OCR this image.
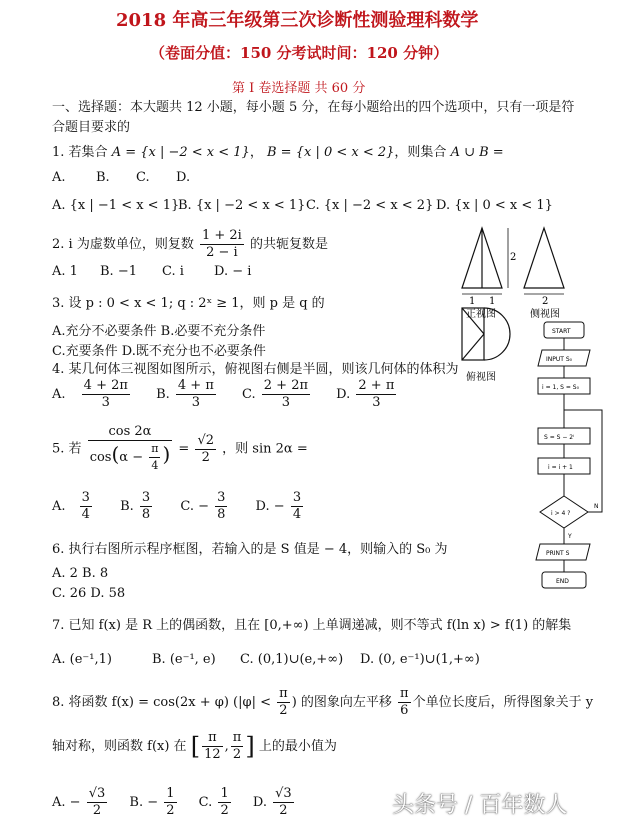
2018 年高三年级第三次诊断性测验理科数学
（卷面分值：150 分考试时间：120 分钟）
第 I 卷选择题 共 60 分
一、选择题：本大题共 12 小题，每小题 5 分，在每小题给出的四个选项中，只有一项是符
合题目要求的
1. 若集合 A = {x | −2 < x < 1}， B = {x | 0 < x < 2}，则集合 A ∪ B =
A. B. C. D.
A. {x | −1 < x < 1}
B. {x | −2 < x < 1} C. {x | −2 < x < 2} D. {x | 0 < x < 1}
2. i 为虚数单位，则复数 $\frac{1 + 2i}{2 - i}$ 的共轭复数是
A. 1 B. −1 C. i D. − i
3. 设 p : 0 < x < 1; q : 2ˣ ≥ 1，则 p 是 q 的
A.充分不必要条件 B.必要不充分条件
C.充要条件 D.既不充分也不必要条件
4. 某几何体三视图如图所示，俯视图右侧是半圆，则该几何体的体积为
A. $\frac{4 + 2\pi}{3} B$. $\frac{4 + \pi}{3} C$. $\frac{2 + 2\pi}{3} D$. $\frac{2 + \pi}{3}$
5. 若 $\frac{\cos 2\alpha}{\cos(\alpha - \frac{\pi}{4} )} = \frac{√2}{2}$ ，则 sin 2α =
A. $\frac{3}{4} B$. $\frac{3}{8} C$. − $\frac{3}{8} D$. − $\frac{3}{4}$
6. 执行右图所示程序框图，若输入的是 S 值是 − 4，则输入的 S₀ 为
A. 2 B. 8
C. 26 D. 58
7. 已知 f(x) 是 R 上的偶函数，且在 [0,+∞) 上单调递减，则不等式 f(ln x) > f(1) 的解集
A. (e⁻¹,1)	B. (e⁻¹, e) C. (0,1)∪(e,+∞) D. (0, e⁻¹)∪(1,+∞)
8. 将函数 f(x) = cos(2x + φ) ($|\varphi| < \frac{\pi}{2}$ ) 的图象向左平移 $\frac{\pi}{6}$ 个单位长度后，所得图象关于 y
轴对称，则函数 f(x) 在 [ $\frac{\pi}{12}$ , $\frac{\pi}{2}$ ] 上的最小值为
A. − $\frac{√3}{2} B$. − $\frac{1}{2} C$. $\frac{1}{2} D$. $\frac{√3}{2}$
2
1 1
正视图
2
侧视图
俯视图
START
INPUT S₀
i = 1, S = S₀
S = S − 2ⁱ
i = i + 1
i > 4 ?
Y
N
PRINT S
END
头条号 / 百年数人
